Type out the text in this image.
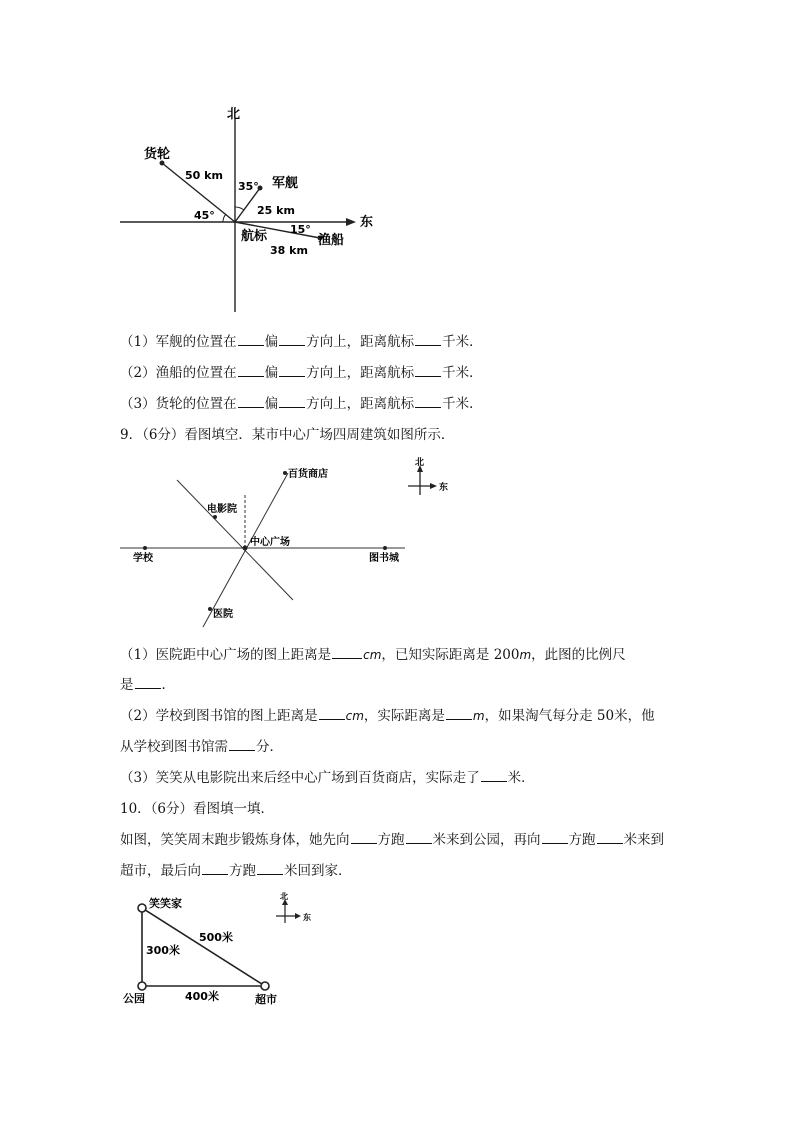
北
东
货轮
50 km
军舰
35°
25 km
45°
渔船
15°
航标
38 km
（1）军舰的位置在 偏 方向上，距离航标 千米．
（2）渔船的位置在 偏 方向上，距离航标 千米．
（3）货轮的位置在 偏 方向上，距离航标 千米．
9．（6分）看图填空．某市中心广场四周建筑如图所示．
百货商店
电影院
中心广场
学校	图书城
医院
北
东
（1）医院距中心广场的图上距离是	cm，已知实际距离是 200m，此图的比例尺
是 ．
（2）学校到图书馆的图上距离是 cm，实际距离是 m，如果淘气每分走 50米，他
从学校到图书馆需 分．
（3）笑笑从电影院出来后经中心广场到百货商店，实际走了 米．
10．（6分）看图填一填．
如图，笑笑周末跑步锻炼身体，她先向 方跑 米来到公园，再向 方跑 米来到
超市，最后向 方跑 米回到家．
笑笑家
公园	超市
300米
500米
400米
北
东
